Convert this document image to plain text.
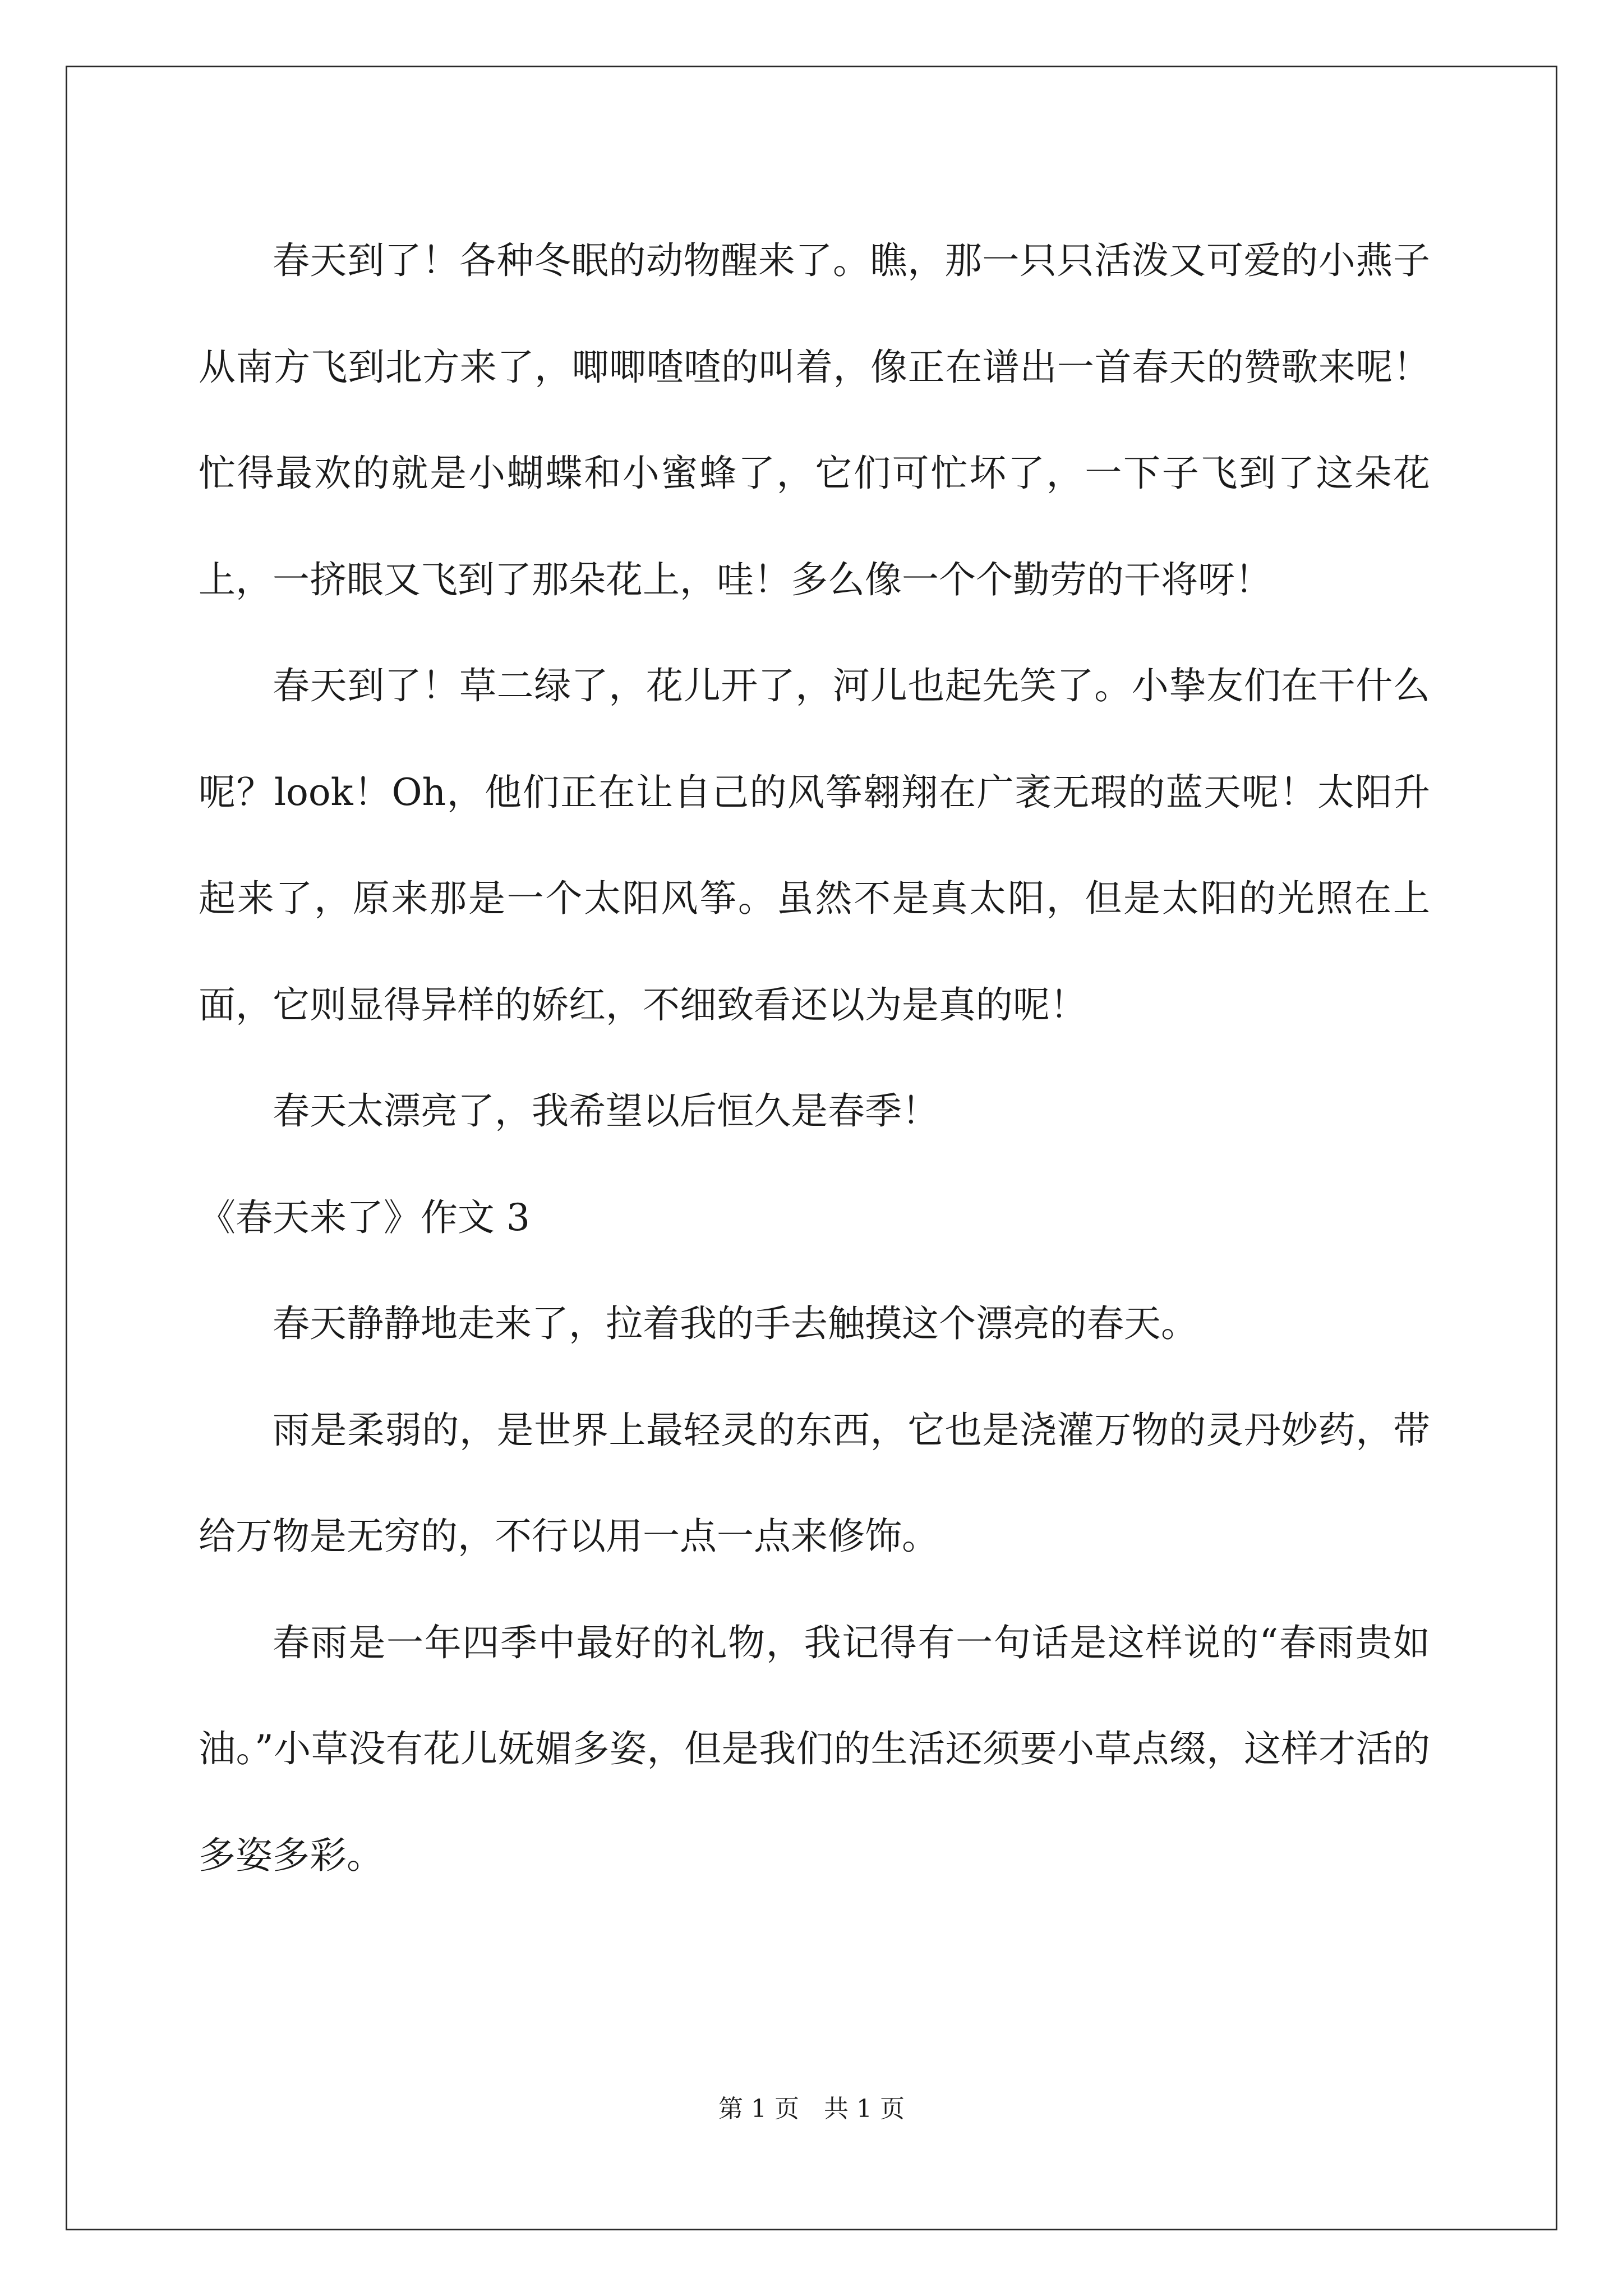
春天到了！各种冬眠的动物醒来了。瞧，那一只只活泼又可爱的小燕子从南方飞到北方来了，唧唧喳喳的叫着，像正在谱出一首春天的赞歌来呢！忙得最欢的就是小蝴蝶和小蜜蜂了，它们可忙坏了，一下子飞到了这朵花上，一挤眼又飞到了那朵花上，哇！多么像一个个勤劳的干将呀！

春天到了！草二绿了，花儿开了，河儿也起先笑了。小挚友们在干什么呢？look！Oh，他们正在让自己的风筝翱翔在广袤无瑕的蓝天呢！太阳升起来了，原来那是一个太阳风筝。虽然不是真太阳，但是太阳的光照在上面，它则显得异样的娇红，不细致看还以为是真的呢！

春天太漂亮了，我希望以后恒久是春季！

《春天来了》作文 3

春天静静地走来了，拉着我的手去触摸这个漂亮的春天。

雨是柔弱的，是世界上最轻灵的东西，它也是浇灌万物的灵丹妙药，带给万物是无穷的，不行以用一点一点来修饰。

春雨是一年四季中最好的礼物，我记得有一句话是这样说的“春雨贵如油。”小草没有花儿妩媚多姿，但是我们的生活还须要小草点缀，这样才活的多姿多彩。

第 1 页 共 1 页
